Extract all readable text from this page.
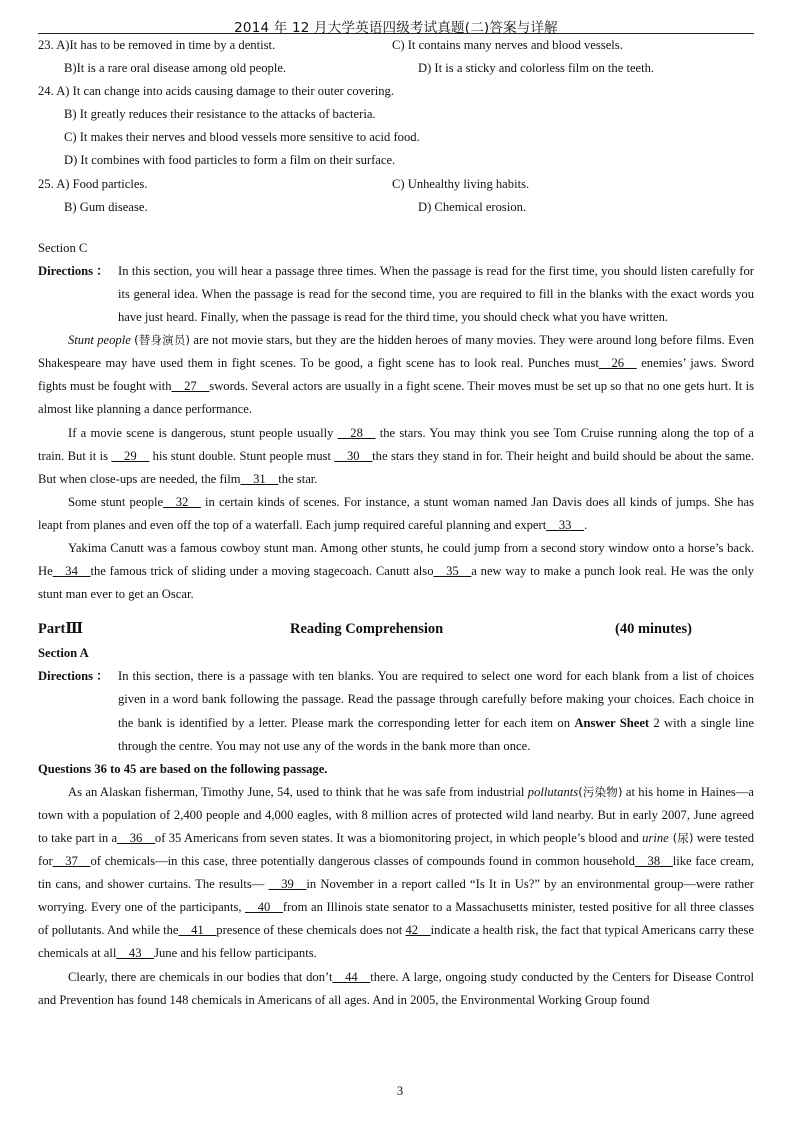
2014 年 12 月大学英语四级考试真题(二)答案与详解
23. A)It has to be removed in time by a dentist.	C) It contains many nerves and blood vessels.
B)It is a rare oral disease among old people.	D) It is a sticky and colorless film on the teeth.
24. A) It can change into acids causing damage to their outer covering.
B) It greatly reduces their resistance to the attacks of bacteria.
C) It makes their nerves and blood vessels more sensitive to acid food.
D) It combines with food particles to form a film on their surface.
25. A) Food particles.	C) Unhealthy living habits.
B) Gum disease.	D) Chemical erosion.
Section C
Directions ： In this section, you will hear a passage three times. When the passage is read for the first time, you should listen carefully for its general idea. When the passage is read for the second time, you are required to fill in the blanks with the exact words you have just heard. Finally, when the passage is read for the third time, you should check what you have written.
Stunt people (替身演员) are not movie stars, but they are the hidden heroes of many movies. They were around long before films. Even Shakespeare may have used them in fight scenes. To be good, a fight scene has to look real. Punches must__26__ enemies’ jaws. Sword fights must be fought with__27__swords. Several actors are usually in a fight scene. Their moves must be set up so that no one gets hurt. It is almost like planning a dance performance.
If a movie scene is dangerous, stunt people usually __28__ the stars. You may think you see Tom Cruise running along the top of a train. But it is __29__ his stunt double. Stunt people must __30__the stars they stand in for. Their height and build should be about the same. But when close-ups are needed, the film__31__the star.
Some stunt people__32__ in certain kinds of scenes. For instance, a stunt woman named Jan Davis does all kinds of jumps. She has leapt from planes and even off the top of a waterfall. Each jump required careful planning and expert__33__.
Yakima Canutt was a famous cowboy stunt man. Among other stunts, he could jump from a second story window onto a horse’s back. He__34__the famous trick of sliding under a moving stagecoach. Canutt also__35__a new way to make a punch look real. He was the only stunt man ever to get an Oscar.
PartⅢ	Reading Comprehension	(40 minutes)
Section A
Directions ： In this section, there is a passage with ten blanks. You are required to select one word for each blank from a list of choices given in a word bank following the passage. Read the passage through carefully before making your choices. Each choice in the bank is identified by a letter. Please mark the corresponding letter for each item on Answer Sheet 2 with a single line through the centre. You may not use any of the words in the bank more than once.
Questions 36 to 45 are based on the following passage.
As an Alaskan fisherman, Timothy June, 54, used to think that he was safe from industrial pollutants(污染物) at his home in Haines—a town with a population of 2,400 people and 4,000 eagles, with 8 million acres of protected wild land nearby. But in early 2007, June agreed to take part in a__36__of 35 Americans from seven states. It was a biomonitoring project, in which people’s blood and urine (尿) were tested for__37__of chemicals—in this case, three potentially dangerous classes of compounds found in common household__38__like face cream, tin cans, and shower curtains. The results— __39__in November in a report called “Is It in Us?” by an environmental group—were rather worrying. Every one of the participants, __40__from an Illinois state senator to a Massachusetts minister, tested positive for all three classes of pollutants. And while the__41__presence of these chemicals does not 42__indicate a health risk, the fact that typical Americans carry these chemicals at all__43__June and his fellow participants.
Clearly, there are chemicals in our bodies that don’t__44__there. A large, ongoing study conducted by the Centers for Disease Control and Prevention has found 148 chemicals in Americans of all ages. And in 2005, the Environmental Working Group found
3
